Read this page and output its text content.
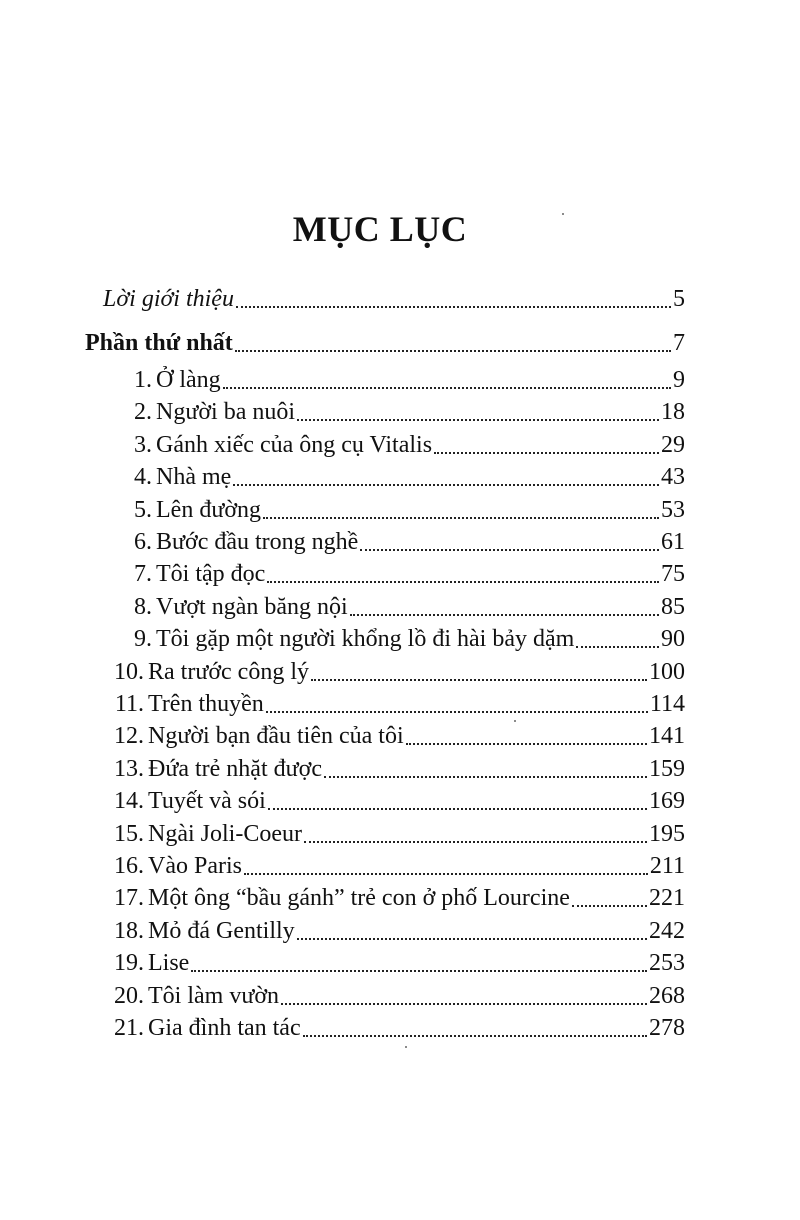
MỤC LỤC
Lời giới thiệu	5
Phần thứ nhất	7
1. Ở làng	9
2. Người ba nuôi	18
3. Gánh xiếc của ông cụ Vitalis	29
4. Nhà mẹ	43
5. Lên đường	53
6. Bước đầu trong nghề	61
7. Tôi tập đọc	75
8. Vượt ngàn băng nội	85
9. Tôi gặp một người khổng lồ đi hài bảy dặm	90
10. Ra trước công lý	100
11. Trên thuyền	114
12. Người bạn đầu tiên của tôi	141
13. Đứa trẻ nhặt được	159
14. Tuyết và sói	169
15. Ngài Joli-Coeur	195
16. Vào Paris	211
17. Một ông “bầu gánh” trẻ con ở phố Lourcine	221
18. Mỏ đá Gentilly	242
19. Lise	253
20. Tôi làm vườn	268
21. Gia đình tan tác	278
